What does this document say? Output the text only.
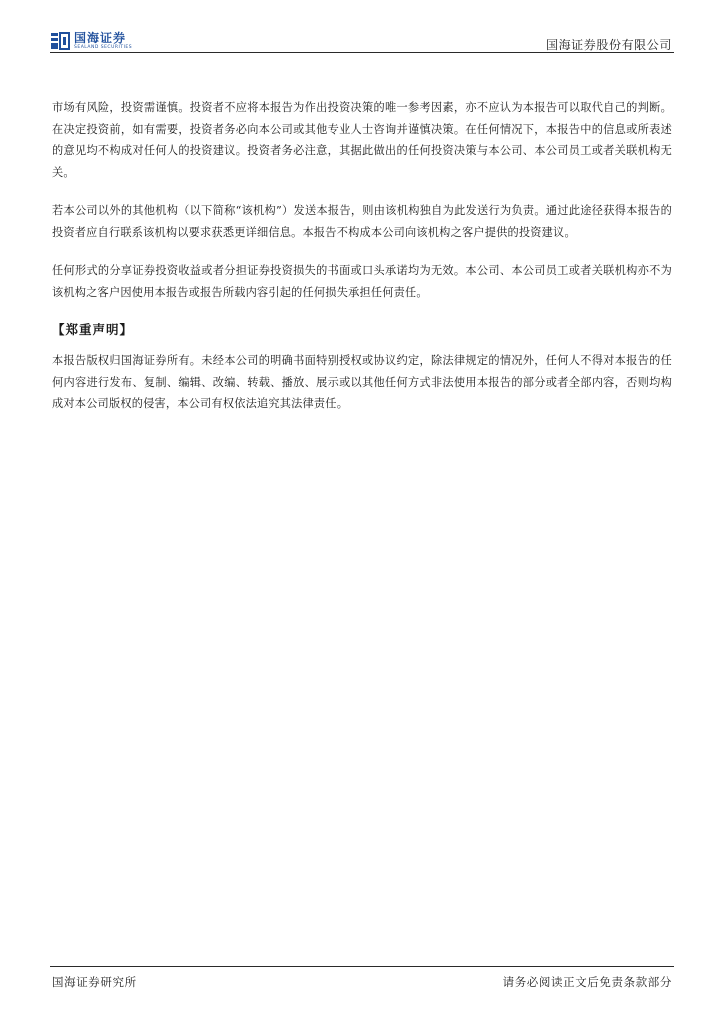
国海证券
SEALAND SECURITIES	国海证券股份有限公司

市场有风险，投资需谨慎。投资者不应将本报告为作出投资决策的唯一参考因素，亦不应认为本报告可以取代自己的判断。在决定投资前，如有需要，投资者务必向本公司或其他专业人士咨询并谨慎决策。在任何情况下，本报告中的信息或所表述的意见均不构成对任何人的投资建议。投资者务必注意，其据此做出的任何投资决策与本公司、本公司员工或者关联机构无关。

若本公司以外的其他机构（以下简称“该机构”）发送本报告，则由该机构独自为此发送行为负责。通过此途径获得本报告的投资者应自行联系该机构以要求获悉更详细信息。本报告不构成本公司向该机构之客户提供的投资建议。

任何形式的分享证券投资收益或者分担证券投资损失的书面或口头承诺均为无效。本公司、本公司员工或者关联机构亦不为该机构之客户因使用本报告或报告所载内容引起的任何损失承担任何责任。

【郑重声明】

本报告版权归国海证券所有。未经本公司的明确书面特别授权或协议约定，除法律规定的情况外，任何人不得对本报告的任何内容进行发布、复制、编辑、改编、转载、播放、展示或以其他任何方式非法使用本报告的部分或者全部内容，否则均构成对本公司版权的侵害，本公司有权依法追究其法律责任。

国海证券研究所	请务必阅读正文后免责条款部分
